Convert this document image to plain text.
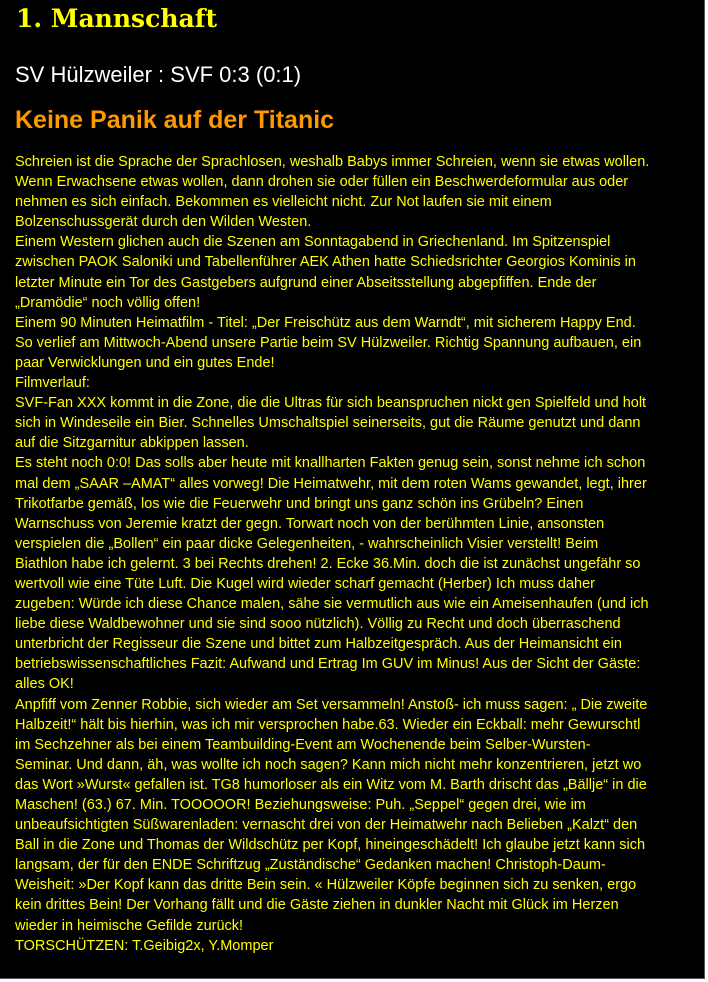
1. Mannschaft
SV Hülzweiler : SVF 0:3 (0:1)
Keine Panik auf der Titanic
Schreien ist die Sprache der Sprachlosen, weshalb Babys immer Schreien, wenn sie etwas wollen.
Wenn Erwachsene etwas wollen, dann drohen sie oder füllen ein Beschwerdeformular aus oder
nehmen es sich einfach. Bekommen es vielleicht nicht. Zur Not laufen sie mit einem
Bolzenschussgerät durch den Wilden Westen.
Einem Western glichen auch die Szenen am Sonntagabend in Griechenland. Im Spitzenspiel
zwischen PAOK Saloniki und Tabellenführer AEK Athen hatte Schiedsrichter Georgios Kominis in
letzter Minute ein Tor des Gastgebers aufgrund einer Abseitsstellung abgepfiffen. Ende der
„Dramödie“ noch völlig offen!
Einem 90 Minuten Heimatfilm - Titel: „Der Freischütz aus dem Warndt“, mit sicherem Happy End.
So verlief am Mittwoch-Abend unsere Partie beim SV Hülzweiler. Richtig Spannung aufbauen, ein
paar Verwicklungen und ein gutes Ende!
Filmverlauf:
SVF-Fan XXX kommt in die Zone, die die Ultras für sich beanspruchen nickt gen Spielfeld und holt
sich in Windeseile ein Bier. Schnelles Umschaltspiel seinerseits, gut die Räume genutzt und dann
auf die Sitzgarnitur abkippen lassen.
Es steht noch 0:0! Das solls aber heute mit knallharten Fakten genug sein, sonst nehme ich schon
mal dem „SAAR –AMAT“ alles vorweg! Die Heimatwehr, mit dem roten Wams gewandet, legt, ihrer
Trikotfarbe gemäß, los wie die Feuerwehr und bringt uns ganz schön ins Grübeln? Einen
Warnschuss von Jeremie kratzt der gegn. Torwart noch von der berühmten Linie, ansonsten
verspielen die „Bollen“ ein paar dicke Gelegenheiten, - wahrscheinlich Visier verstellt! Beim
Biathlon habe ich gelernt. 3 bei Rechts drehen! 2. Ecke 36.Min. doch die ist zunächst ungefähr so
wertvoll wie eine Tüte Luft. Die Kugel wird wieder scharf gemacht (Herber) Ich muss daher
zugeben: Würde ich diese Chance malen, sähe sie vermutlich aus wie ein Ameisenhaufen (und ich
liebe diese Waldbewohner und sie sind sooo nützlich). Völlig zu Recht und doch überraschend
unterbricht der Regisseur die Szene und bittet zum Halbzeitgespräch. Aus der Heimansicht ein
betriebswissenschaftliches Fazit: Aufwand und Ertrag Im GUV im Minus! Aus der Sicht der Gäste:
alles OK!
Anpfiff vom Zenner Robbie, sich wieder am Set versammeln! Anstoß- ich muss sagen: „ Die zweite
Halbzeit!“ hält bis hierhin, was ich mir versprochen habe.63. Wieder ein Eckball: mehr Gewurschtl
im Sechzehner als bei einem Teambuilding-Event am Wochenende beim Selber-Wursten-
Seminar. Und dann, äh, was wollte ich noch sagen? Kann mich nicht mehr konzentrieren, jetzt wo
das Wort »Wurst« gefallen ist. TG8 humorloser als ein Witz vom M. Barth drischt das „Bällje“ in die
Maschen! (63.) 67. Min. TOOOOOR! Beziehungsweise: Puh. „Seppel“ gegen drei, wie im
unbeaufsichtigten Süßwarenladen: vernascht drei von der Heimatwehr nach Belieben „Kalzt“ den
Ball in die Zone und Thomas der Wildschütz per Kopf, hineingeschädelt! Ich glaube jetzt kann sich
langsam, der für den ENDE Schriftzug „Zuständische“ Gedanken machen! Christoph-Daum-
Weisheit: »Der Kopf kann das dritte Bein sein. « Hülzweiler Köpfe beginnen sich zu senken, ergo
kein drittes Bein! Der Vorhang fällt und die Gäste ziehen in dunkler Nacht mit Glück im Herzen
wieder in heimische Gefilde zurück!
TORSCHÜTZEN: T.Geibig2x, Y.Momper
